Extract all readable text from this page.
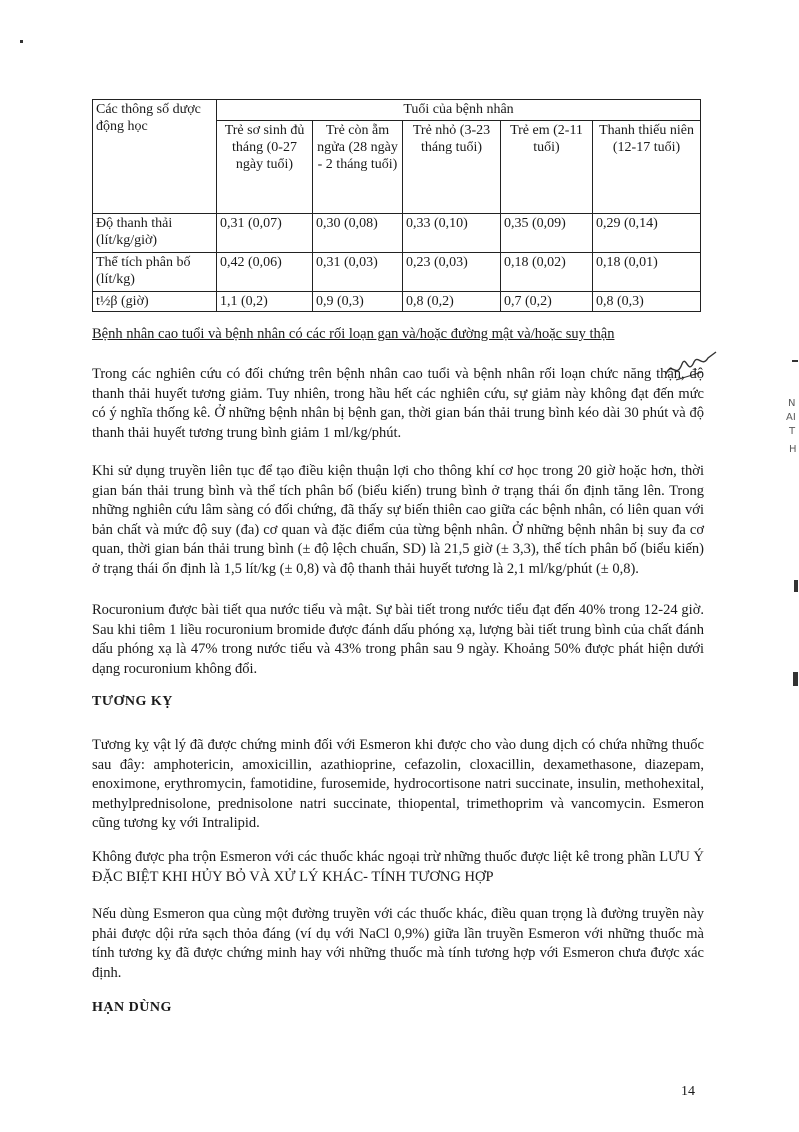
Các thông số dược động học	Tuổi của bệnh nhân				
	Trẻ sơ sinh đủ tháng (0-27 ngày tuổi)	Trẻ còn ẵm ngửa (28 ngày - 2 tháng tuổi)	Trẻ nhỏ (3-23 tháng tuổi)	Trẻ em (2-11 tuổi)	Thanh thiếu niên (12-17 tuổi)
Độ thanh thải (lít/kg/giờ)	0,31 (0,07)	0,30 (0,08)	0,33 (0,10)	0,35 (0,09)	0,29 (0,14)
Thể tích phân bố (lít/kg)	0,42 (0,06)	0,31 (0,03)	0,23 (0,03)	0,18 (0,02)	0,18 (0,01)
t½β (giờ)	1,1 (0,2)	0,9 (0,3)	0,8 (0,2)	0,7 (0,2)	0,8 (0,3)
Bệnh nhân cao tuổi và bệnh nhân có các rối loạn gan và/hoặc đường mật và/hoặc suy thận

Trong các nghiên cứu có đối chứng trên bệnh nhân cao tuổi và bệnh nhân rối loạn chức năng thận, độ thanh thải huyết tương giảm. Tuy nhiên, trong hầu hết các nghiên cứu, sự giảm này không đạt đến mức có ý nghĩa thống kê. Ở những bệnh nhân bị bệnh gan, thời gian bán thải trung bình kéo dài 30 phút và độ thanh thải huyết tương trung bình giảm 1 ml/kg/phút.

Khi sử dụng truyền liên tục để tạo điều kiện thuận lợi cho thông khí cơ học trong 20 giờ hoặc hơn, thời gian bán thải trung bình và thể tích phân bố (biểu kiến) trung bình ở trạng thái ổn định tăng lên. Trong những nghiên cứu lâm sàng có đối chứng, đã thấy sự biến thiên cao giữa các bệnh nhân, có liên quan với bản chất và mức độ suy (đa) cơ quan và đặc điểm của từng bệnh nhân. Ở những bệnh nhân bị suy đa cơ quan, thời gian bán thải trung bình (± độ lệch chuẩn, SD) là 21,5 giờ (± 3,3), thể tích phân bố (biểu kiến) ở trạng thái ổn định là 1,5 lít/kg (± 0,8) và độ thanh thải huyết tương là 2,1 ml/kg/phút (± 0,8).

Rocuronium được bài tiết qua nước tiểu và mật. Sự bài tiết trong nước tiểu đạt đến 40% trong 12-24 giờ. Sau khi tiêm 1 liều rocuronium bromide được đánh dấu phóng xạ, lượng bài tiết trung bình của chất đánh dấu phóng xạ là 47% trong nước tiểu và 43% trong phân sau 9 ngày. Khoảng 50% được phát hiện dưới dạng rocuronium không đổi.

TƯƠNG KỴ

Tương kỵ vật lý đã được chứng minh đối với Esmeron khi được cho vào dung dịch có chứa những thuốc sau đây: amphotericin, amoxicillin, azathioprine, cefazolin, cloxacillin, dexamethasone, diazepam, enoximone, erythromycin, famotidine, furosemide, hydrocortisone natri succinate, insulin, methohexital, methylprednisolone, prednisolone natri succinate, thiopental, trimethoprim và vancomycin. Esmeron cũng tương kỵ với Intralipid.

Không được pha trộn Esmeron với các thuốc khác ngoại trừ những thuốc được liệt kê trong phần LƯU Ý ĐẶC BIỆT KHI HỦY BỎ VÀ XỬ LÝ KHÁC- TÍNH TƯƠNG HỢP

Nếu dùng Esmeron qua cùng một đường truyền với các thuốc khác, điều quan trọng là đường truyền này phải được dội rửa sạch thỏa đáng (ví dụ với NaCl 0,9%) giữa lần truyền Esmeron với những thuốc mà tính tương kỵ đã được chứng minh hay với những thuốc mà tính tương hợp với Esmeron chưa được xác định.

HẠN DÙNG
14
N
AI
T
H
